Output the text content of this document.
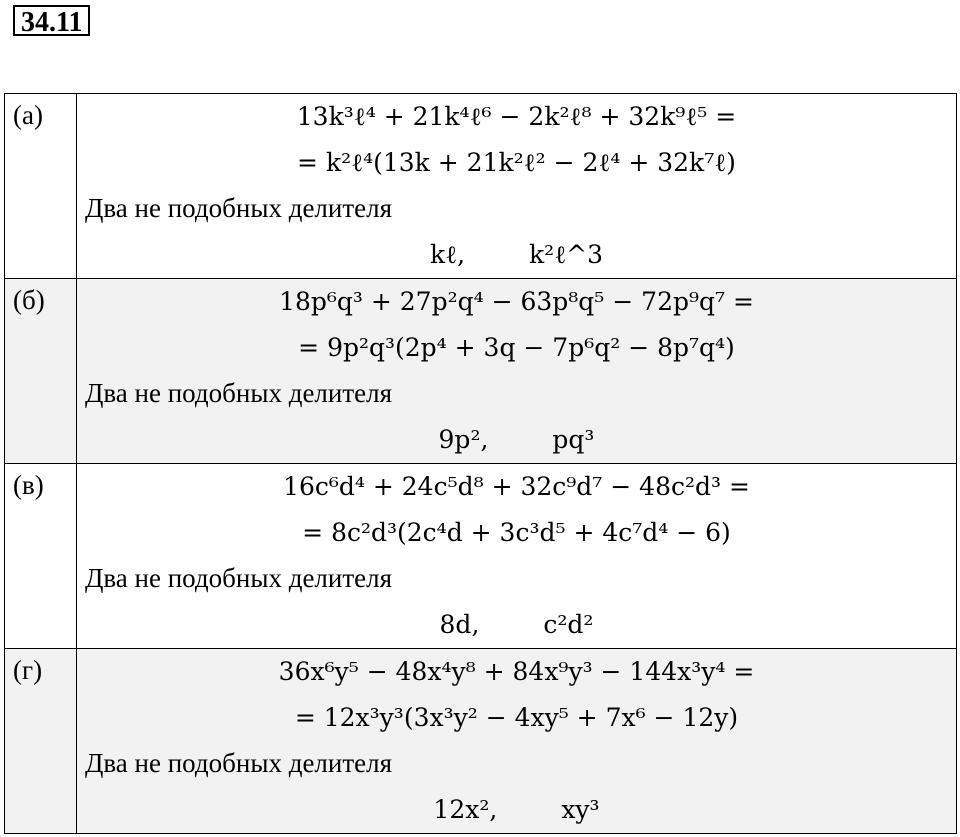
34.11
(а)	13k³ℓ⁴ + 21k⁴ℓ⁶ − 2k²ℓ⁸ + 32k⁹ℓ⁵ =
= k²ℓ⁴(13k + 21k²ℓ² − 2ℓ⁴ + 32k⁷ℓ)
Два не подобных делителя
kℓ, k²ℓ^3

(б)	18p⁶q³ + 27p²q⁴ − 63p⁸q⁵ − 72p⁹q⁷ =
= 9p²q³(2p⁴ + 3q − 7p⁶q² − 8p⁷q⁴)
Два не подобных делителя
9p², pq³

(в)	16c⁶d⁴ + 24c⁵d⁸ + 32c⁹d⁷ − 48c²d³ =
= 8c²d³(2c⁴d + 3c³d⁵ + 4c⁷d⁴ − 6)
Два не подобных делителя
8d, c²d²

(г)	36x⁶y⁵ − 48x⁴y⁸ + 84x⁹y³ − 144x³y⁴ =
= 12x³y³(3x³y² − 4xy⁵ + 7x⁶ − 12y)
Два не подобных делителя
12x², xy³
